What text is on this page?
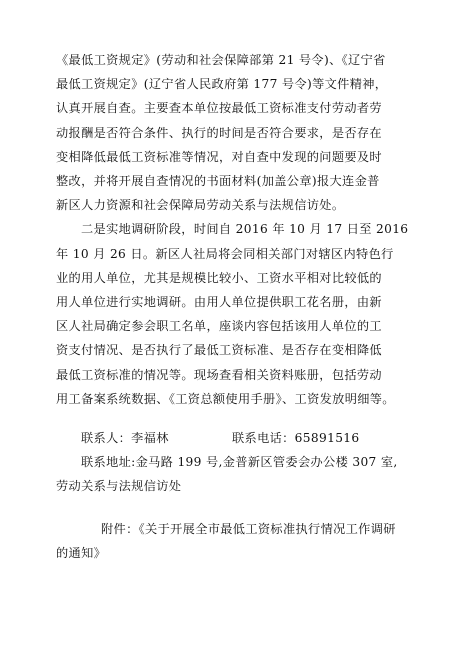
《最低工资规定》(劳动和社会保障部第 21 号令)、《辽宁省

最低工资规定》(辽宁省人民政府第 177 号令)等文件精神，

认真开展自查。主要查本单位按最低工资标准支付劳动者劳

动报酬是否符合条件、执行的时间是否符合要求，是否存在

变相降低最低工资标准等情况，对自查中发现的问题要及时

整改，并将开展自查情况的书面材料(加盖公章)报大连金普

新区人力资源和社会保障局劳动关系与法规信访处。

二是实地调研阶段，时间自 2016 年 10 月 17 日至 2016

年 10 月 26 日。新区人社局将会同相关部门对辖区内特色行

业的用人单位，尤其是规模比较小、工资水平相对比较低的

用人单位进行实地调研。由用人单位提供职工花名册，由新

区人社局确定参会职工名单，座谈内容包括该用人单位的工

资支付情况、是否执行了最低工资标准、是否存在变相降低

最低工资标准的情况等。现场查看相关资料账册，包括劳动

用工备案系统数据、《工资总额使用手册》、工资发放明细等。

联系人：李福林	联系电话：65891516

联系地址:金马路 199 号,金普新区管委会办公楼 307 室,

劳动关系与法规信访处

附件：《关于开展全市最低工资标准执行情况工作调研

的通知》
